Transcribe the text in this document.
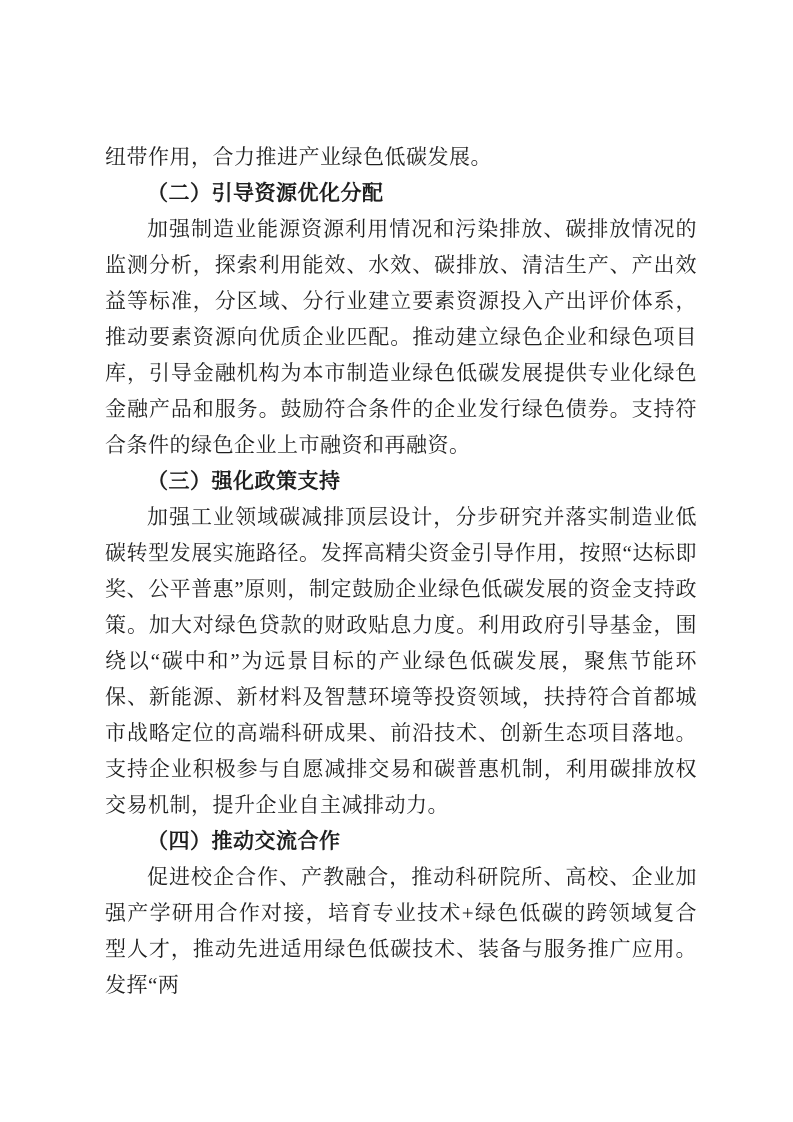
纽带作用，合力推进产业绿色低碳发展。

（二）引导资源优化分配

加强制造业能源资源利用情况和污染排放、碳排放情况的监测分析，探索利用能效、水效、碳排放、清洁生产、产出效益等标准，分区域、分行业建立要素资源投入产出评价体系，推动要素资源向优质企业匹配。推动建立绿色企业和绿色项目库，引导金融机构为本市制造业绿色低碳发展提供专业化绿色金融产品和服务。鼓励符合条件的企业发行绿色债券。支持符合条件的绿色企业上市融资和再融资。

（三）强化政策支持

加强工业领域碳减排顶层设计，分步研究并落实制造业低碳转型发展实施路径。发挥高精尖资金引导作用，按照“达标即奖、公平普惠”原则，制定鼓励企业绿色低碳发展的资金支持政策。加大对绿色贷款的财政贴息力度。利用政府引导基金，围绕以“碳中和”为远景目标的产业绿色低碳发展，聚焦节能环保、新能源、新材料及智慧环境等投资领域，扶持符合首都城市战略定位的高端科研成果、前沿技术、创新生态项目落地。支持企业积极参与自愿减排交易和碳普惠机制，利用碳排放权交易机制，提升企业自主减排动力。

（四）推动交流合作

促进校企合作、产教融合，推动科研院所、高校、企业加强产学研用合作对接，培育专业技术+绿色低碳的跨领域复合型人才，推动先进适用绿色低碳技术、装备与服务推广应用。发挥“两
